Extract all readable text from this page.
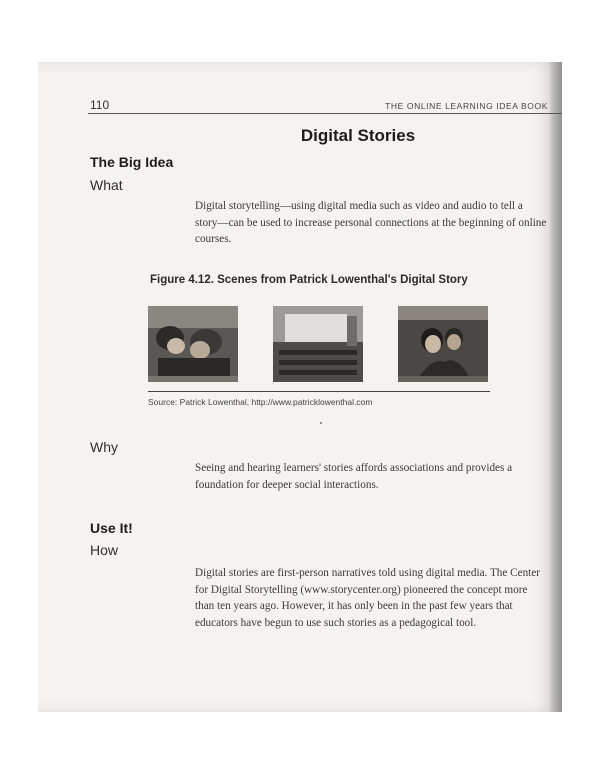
110	THE ONLINE LEARNING IDEA BOOK
Digital Stories
The Big Idea
What
Digital storytelling—using digital media such as video and audio to tell a story—can be used to increase personal connections at the beginning of online courses.
Figure 4.12. Scenes from Patrick Lowenthal's Digital Story
Source: Patrick Lowenthal, http://www.patricklowenthal.com
Why
Seeing and hearing learners' stories affords associations and provides a foundation for deeper social interactions.
Use It!
How
Digital stories are first-person narratives told using digital media. The Center for Digital Storytelling (www.storycenter.org) pioneered the concept more than ten years ago. However, it has only been in the past few years that educators have begun to use such stories as a pedagogical tool.
